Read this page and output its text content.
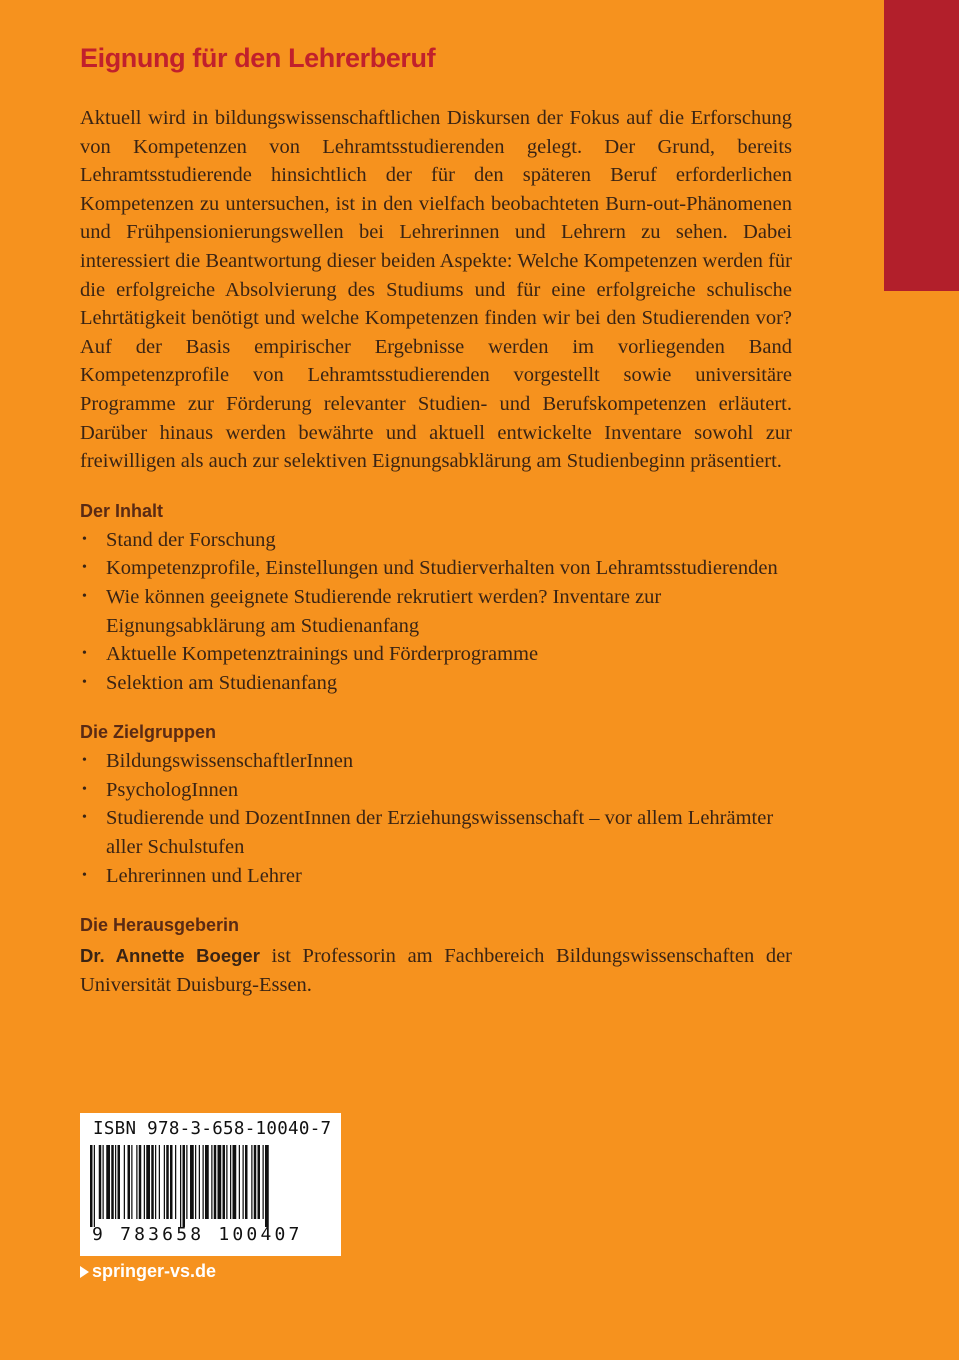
Eignung für den Lehrerberuf

Aktuell wird in bildungswissenschaftlichen Diskursen der Fokus auf die Erforschung von Kompetenzen von Lehramtsstudierenden gelegt. Der Grund, bereits Lehramtsstudierende hinsichtlich der für den späteren Beruf erforderlichen Kompetenzen zu untersuchen, ist in den vielfach beobachteten Burn-out-Phänomenen und Frühpensionierungswellen bei Lehrerinnen und Lehrern zu sehen. Dabei interessiert die Beantwortung dieser beiden Aspekte: Welche Kompetenzen werden für die erfolgreiche Absolvierung des Studiums und für eine erfolgreiche schulische Lehrtätigkeit benötigt und welche Kompetenzen finden wir bei den Studierenden vor? Auf der Basis empirischer Ergebnisse werden im vorliegenden Band Kompetenzprofile von Lehramtsstudierenden vorgestellt sowie universitäre Programme zur Förderung relevanter Studien- und Berufskompetenzen erläutert. Darüber hinaus werden bewährte und aktuell entwickelte Inventare sowohl zur freiwilligen als auch zur selektiven Eignungsabklärung am Studienbeginn präsentiert.

Der Inhalt
• Stand der Forschung
• Kompetenzprofile, Einstellungen und Studierverhalten von Lehramtsstudierenden
• Wie können geeignete Studierende rekrutiert werden? Inventare zur Eignungsabklärung am Studienanfang
• Aktuelle Kompetenztrainings und Förderprogramme
• Selektion am Studienanfang
Die Zielgruppen
• BildungswissenschaftlerInnen
• PsychologInnen
• Studierende und DozentInnen der Erziehungswissenschaft – vor allem Lehrämter aller Schulstufen
• Lehrerinnen und Lehrer
Die Herausgeberin

Dr. Annette Boeger ist Professorin am Fachbereich Bildungswissenschaften der Universität Duisburg-Essen.

ISBN 978-3-658-10040-7
9 783658 100407
springer-vs.de
